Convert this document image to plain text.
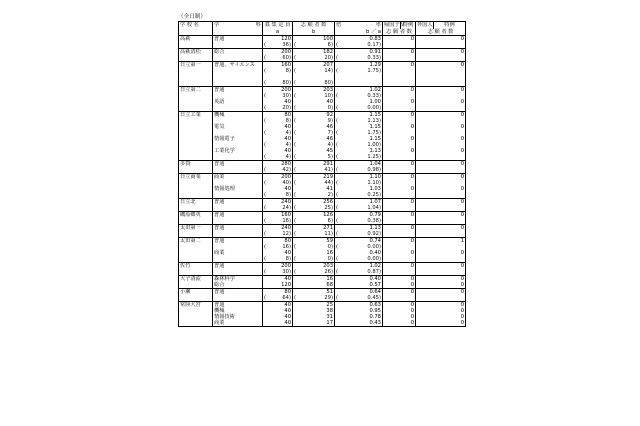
（全日制）
学 校 名	学 科	募 集 定 員	志 願 者 数	倍 率	帰国子女	特例	外国人	特例
		a	b	b ／ a	志 願 者 数		志 願 者 数	
高萩	普通	120	100	0.83	0		0	

		( 36)	( 6)	( 0.17)				
高萩清松	総合	200	182	0.91	0		0	

		( 60)	( 20)	( 0.33)				
日立第一	普通、サイエンス	160	207	1.29	0		0	

		( 8)	( 14)	( 1.75)				

		( 80)	( 80)					
日立第二	普通	200	203	1.02	0		0	

		( 30)	( 10)	( 0.33)				
	英語	40	40	1.00	0		0	

		( 20)	( 0)	( 0.00)				
日立工業	機械	80	92	1.15	0		0	

		( 8)	( 9)	( 1.13)				
	電気	40	46	1.15	0		0	

		( 4)	( 7)	( 1.75)				
	情報電子	40	46	1.15	0		0	

		( 4)	( 4)	( 1.00)				
	工業化学	40	45	1.13	0		0	

		( 4)	( 5)	( 1.25)				
多賀	普通	280	291	1.04	0		0	

		( 42)	( 41)	( 0.98)				
日立商業	商業	200	219	1.10	0		0	

		( 40)	( 44)	( 1.10)				
	情報処理	40	41	1.03	0		0	

		( 8)	( 2)	( 0.25)				
日立北	普通	240	256	1.07	0		0	

		( 24)	( 25)	( 1.04)				
磯原郷英	普通	160	126	0.79	0		0	

		( 16)	( 6)	( 0.38)				
太田第一	普通	240	271	1.13	0		0	

		( 12)	( 11)	( 0.92)				
太田第二	普通	80	59	0.74	0		1	

		( 16)	( 0)	( 0.00)				
	商業	40	16	0.40	0		0	

		( 8)	( 0)	( 0.00)				
佐竹	普通	200	203	1.02	0		0	

		( 30)	( 26)	( 0.87)				
大子清流	森林科学	40	16	0.40	0		0	
	総合	120	68	0.57	0		0	
小瀬	普通	80	51	0.64	0		0	

		( 64)	( 29)	( 0.45)				
常陸大宮	普通	40	25	0.63	0		0	
	機械	40	38	0.95	0		0	
	情報技術	40	31	0.78	0		0	
	商業	40	17	0.43	0		0	
